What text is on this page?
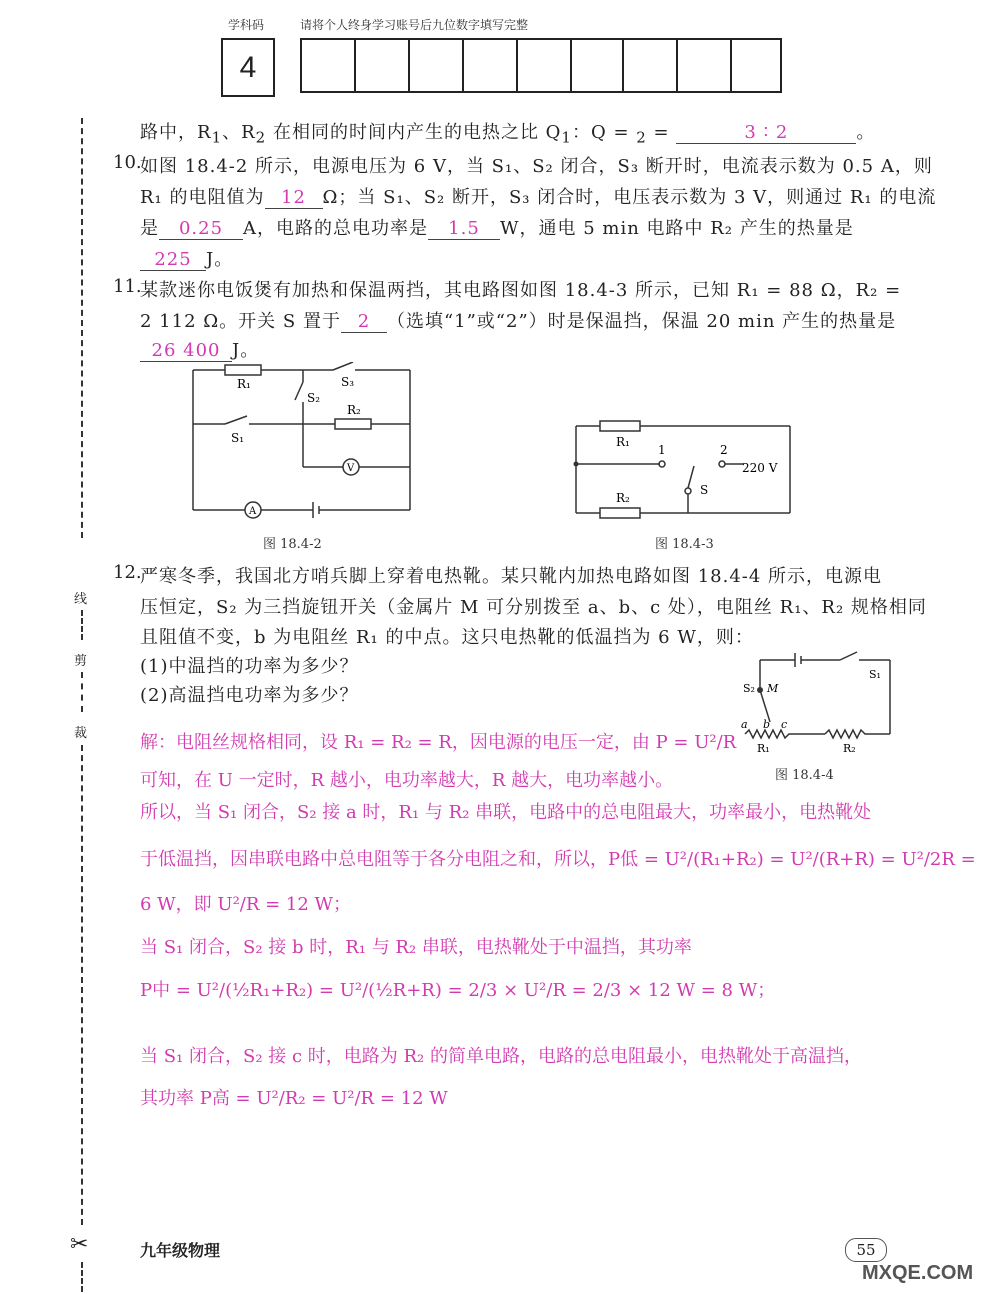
学科码	请将个人终身学习账号后九位数字填写完整
4
线
剪
裁
✂
路中，$R_1$、$R_2$ 在相同的时间内产生的电热之比 $Q_1$：Q = $_2$ =	3 ∶ 2	。
10.
如图 18.4-2 所示，电源电压为 6 V，当 S₁、S₂ 闭合，S₃ 断开时，电流表示数为 0.5 A，则
R₁ 的电阻值为 12 Ω；当 S₁、S₂ 断开，S₃ 闭合时，电压表示数为 3 V，则通过 R₁ 的电流
是 0.25 A，电路的总电功率是 1.5 W，通电 5 min 电路中 R₂ 产生的热量是
225 J。
11.
某款迷你电饭煲有加热和保温两挡，其电路图如图 18.4-3 所示，已知 R₁ = 88 Ω，R₂ =
2 112 Ω。开关 S 置于 2 （选填“1”或“2”）时是保温挡，保温 20 min 产生的热量是
26 400 J。
R₁	S₃
S₂
R₂
S₁
V
A
图 18.4-2
R₁
R₂
1	2
S
220 V
图 18.4-3
12.
严寒冬季，我国北方哨兵脚上穿着电热靴。某只靴内加热电路如图 18.4-4 所示，电源电
压恒定，S₂ 为三挡旋钮开关（金属片 M 可分别拨至 a、b、c 处），电阻丝 R₁、R₂ 规格相同
且阻值不变，b 为电阻丝 R₁ 的中点。这只电热靴的低温挡为 6 W，则：
(1)中温挡的功率为多少？
(2)高温挡电功率为多少？
S₁
S₂ M
a b c
R₁	R₂
图 18.4-4
解：电阻丝规格相同，设 R₁ = R₂ = R，因电源的电压一定，由 P = U²/R
可知，在 U 一定时，R 越小，电功率越大，R 越大，电功率越小。
所以，当 S₁ 闭合，S₂ 接 a 时，R₁ 与 R₂ 串联，电路中的总电阻最大，功率最小，电热靴处
于低温挡，因串联电路中总电阻等于各分电阻之和，所以，P低 = U²/(R₁+R₂) = U²/(R+R) = U²/2R =
6 W，即 U²/R = 12 W；
当 S₁ 闭合，S₂ 接 b 时，R₁ 与 R₂ 串联，电热靴处于中温挡，其功率
P中 = U²/(½R₁+R₂) = U²/(½R+R) = 2/3 × U²/R = 2/3 × 12 W = 8 W；
当 S₁ 闭合，S₂ 接 c 时，电路为 R₂ 的简单电路，电路的总电阻最小，电热靴处于高温挡，
其功率 P高 = U²/R₂ = U²/R = 12 W
九年级物理	55
MXQE.COM
